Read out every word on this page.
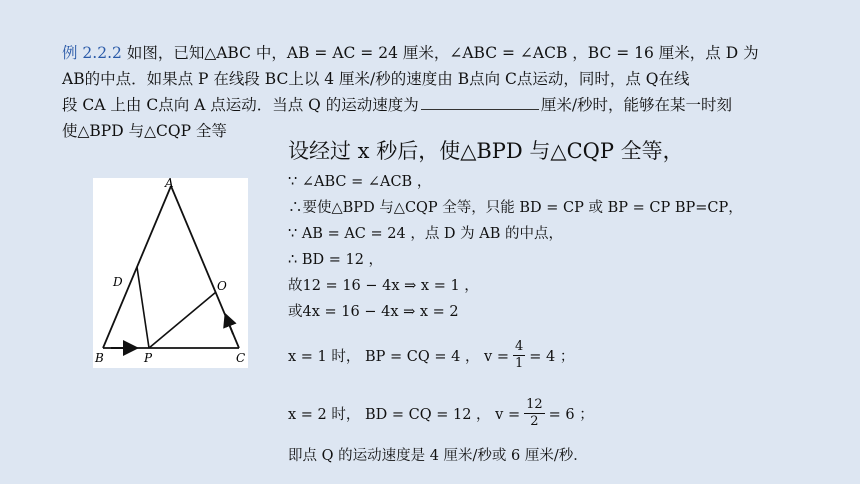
例 2.2.2 如图，已知△ABC 中，AB = AC = 24 厘米，∠ABC = ∠ACB ，BC = 16 厘米，点 D 为
AB的中点．如果点 P 在线段 BC上以 4 厘米/秒的速度由 B点向 C点运动，同时，点 Q在线
段 CA 上由 C点向 A 点运动．当点 Q 的运动速度为	厘米/秒时，能够在某一时刻
使△BPD 与△CQP 全等
A
D	O
B	P	C
设经过 x 秒后，使△BPD 与△CQP 全等，
∵ ∠ABC = ∠ACB ，
∴要使△BPD 与△CQP 全等，只能 BD = CP 或 BP = CP BP=CP，
∵ AB = AC = 24 ，点 D 为 AB 的中点，
∴ BD = 12 ，
故12 = 16 − 4x ⇒ x = 1 ，
或4x = 16 − 4x ⇒ x = 2
x = 1 时， BP = CQ = 4 ， $v = \frac{4}{1} = 4$ ；
x = 2 时， BD = CQ = 12 ， $v = \frac{12}{2} = 6$ ；
即点 Q 的运动速度是 4 厘米/秒或 6 厘米/秒．
